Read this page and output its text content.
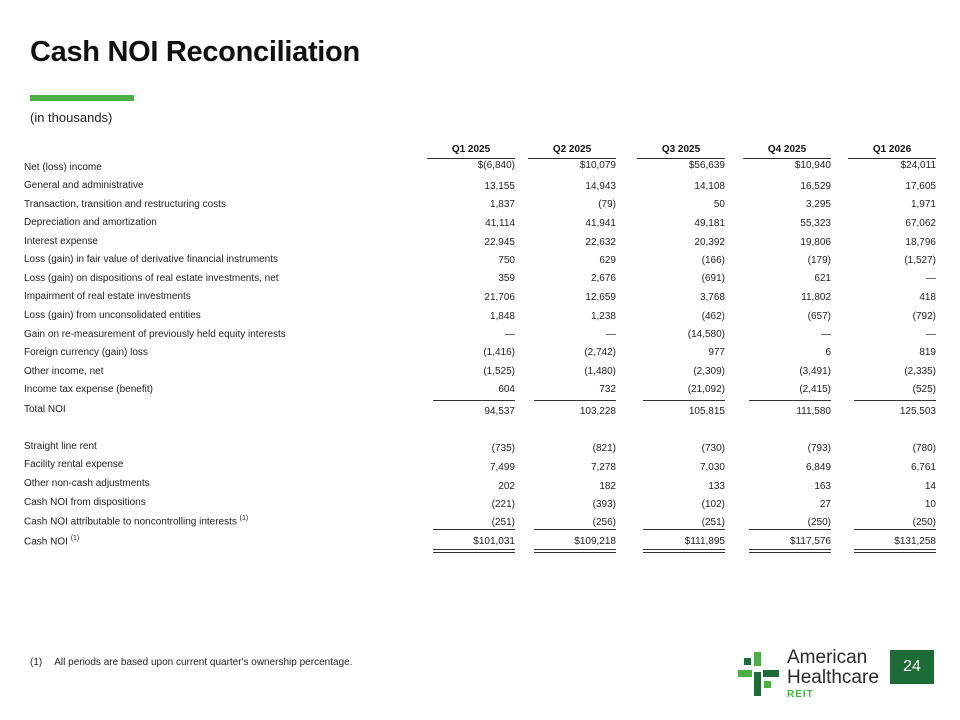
Cash NOI Reconciliation
(in thousands)
Q1 2025	Q2 2025	Q3 2025	Q4 2025	Q1 2026
Net (loss) income	$(6,840)	$10,079	$56,639	$10,940	$24,011
General and administrative	13,155	14,943	14,108	16,529	17,605
Transaction, transition and restructuring costs	1,837	(79)	50	3,295	1,971
Depreciation and amortization	41,114	41,941	49,181	55,323	67,062
Interest expense	22,945	22,632	20,392	19,806	18,796
Loss (gain) in fair value of derivative financial instruments	750	629	(166)	(179)	(1,527)
Loss (gain) on dispositions of real estate investments, net	359	2,676	(691)	621	—
Impairment of real estate investments	21,706	12,659	3,768	11,802	418
Loss (gain) from unconsolidated entities	1,848	1,238	(462)	(657)	(792)
Gain on re-measurement of previously held equity interests	—	—	(14,580)	—	—
Foreign currency (gain) loss	(1,416)	(2,742)	977	6	819
Other income, net	(1,525)	(1,480)	(2,309)	(3,491)	(2,335)
Income tax expense (benefit)	604	732	(21,092)	(2,415)	(525)
Total NOI	94,537	103,228	105,815	111,580	125,503
Straight line rent	(735)	(821)	(730)	(793)	(780)
Facility rental expense	7,499	7,278	7,030	6,849	6,761
Other non-cash adjustments	202	182	133	163	14
Cash NOI from dispositions	(221)	(393)	(102)	27	10
Cash NOI attributable to noncontrolling interests $^{(1)}$	(251)	(256)	(251)	(250)	(250)
Cash NOI $^{(1)}$	$101,031	$109,218	$111,895	$117,576	$131,258
(1) All periods are based upon current quarter's ownership percentage.	American
Healthcare
REIT
24
